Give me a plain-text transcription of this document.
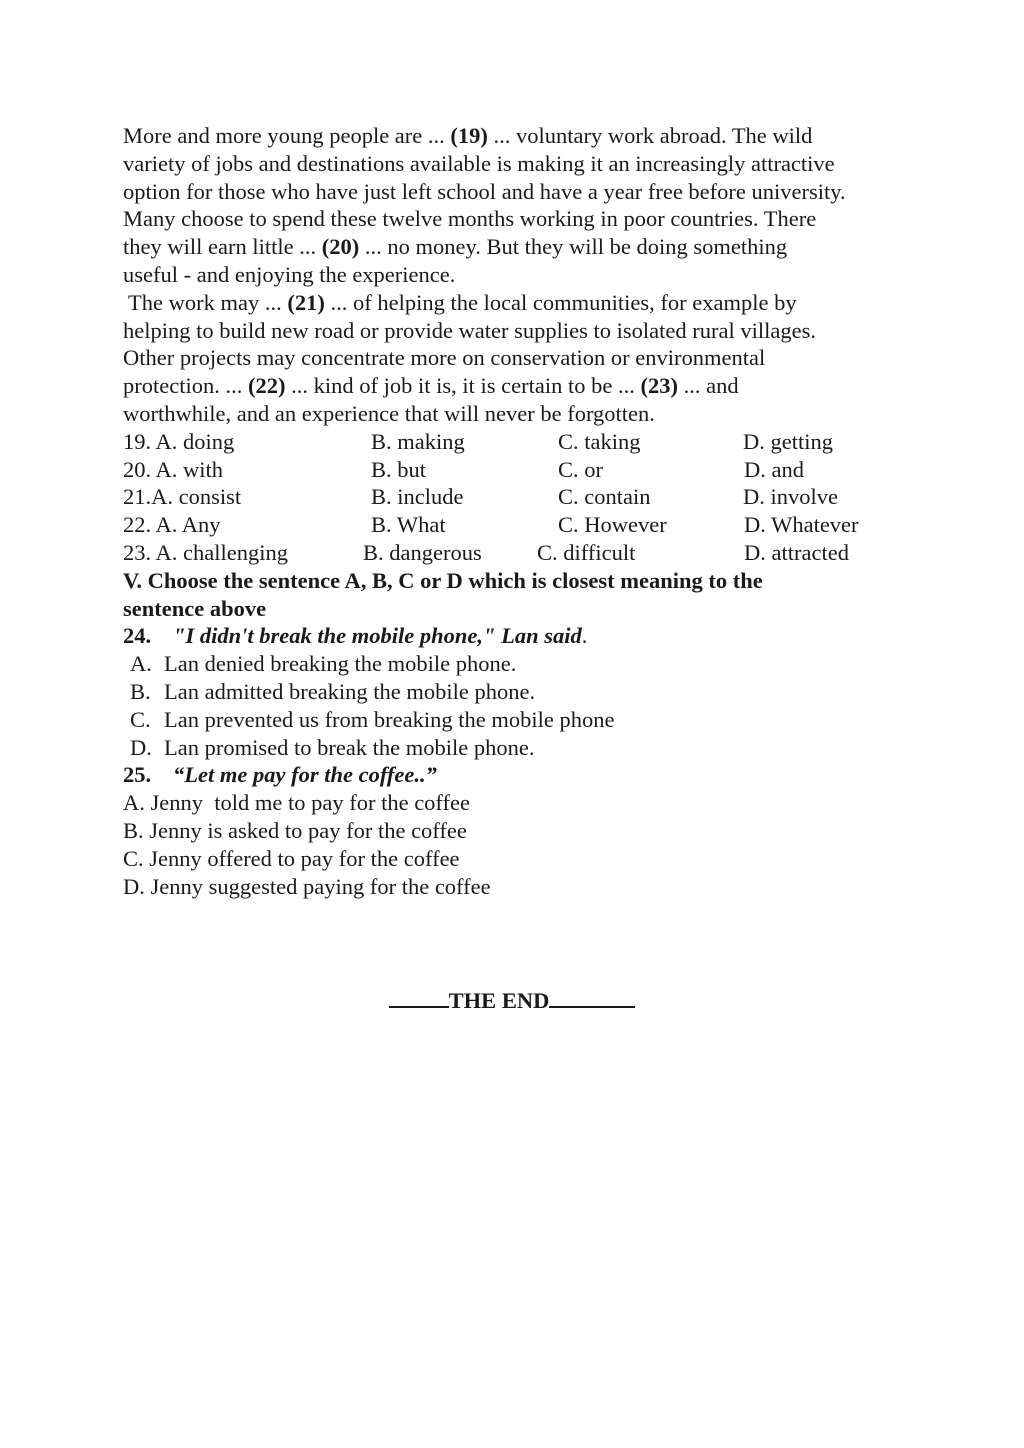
More and more young people are ... (19) ... voluntary work abroad. The wild

variety of jobs and destinations available is making it an increasingly attractive

option for those who have just left school and have a year free before university.

Many choose to spend these twelve months working in poor countries. There

they will earn little ... (20) ... no money. But they will be doing something

useful - and enjoying the experience.

The work may ... (21) ... of helping the local communities, for example by

helping to build new road or provide water supplies to isolated rural villages.

Other projects may concentrate more on conservation or environmental

protection. ... (22) ... kind of job it is, it is certain to be ... (23) ... and

worthwhile, and an experience that will never be forgotten.

19. A. doing	B. making	C. taking	D. getting
20. A. with	B. but	C. or	D. and
21.A. consist	B. include	C. contain	D. involve
22. A. Any	B. What	C. However	D. Whatever
23. A. challenging	B. dangerous C. difficult	D. attracted

V. Choose the sentence A, B, C or D which is closest meaning to the
sentence above

24. "I didn't break the mobile phone," Lan said.

A. Lan denied breaking the mobile phone.
B. Lan admitted breaking the mobile phone.
C. Lan prevented us from breaking the mobile phone
D. Lan promised to break the mobile phone.

25. “Let me pay for the coffee..”

A. Jenny  told me to pay for the coffee
B. Jenny is asked to pay for the coffee
C. Jenny offered to pay for the coffee
D. Jenny suggested paying for the coffee
THE END
